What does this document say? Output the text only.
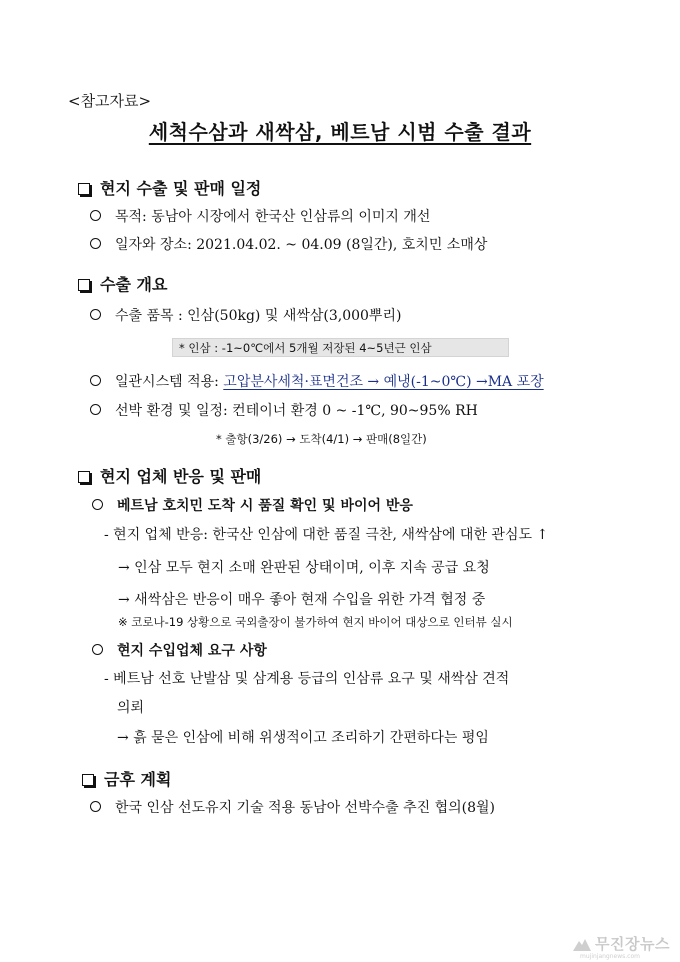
<참고자료>
세척수삼과 새싹삼, 베트남 시범 수출 결과
현지 수출 및 판매 일정
목적: 동남아 시장에서 한국산 인삼류의 이미지 개선
일자와 장소: 2021.04.02. ~ 04.09 (8일간), 호치민 소매상
수출 개요
수출 품목 : 인삼(50kg) 및 새싹삼(3,000뿌리)
* 인삼 : -1~0℃에서 5개월 저장된 4~5년근 인삼
일관시스템 적용: 고압분사세척·표면건조 → 예냉(-1~0℃) →MA 포장
선박 환경 및 일정: 컨테이너 환경 0 ~ -1℃, 90~95% RH
* 출항(3/26) → 도착(4/1) → 판매(8일간)
현지 업체 반응 및 판매
베트남 호치민 도착 시 품질 확인 및 바이어 반응
- 현지 업체 반응: 한국산 인삼에 대한 품질 극찬, 새싹삼에 대한 관심도 ↑
→ 인삼 모두 현지 소매 완판된 상태이며, 이후 지속 공급 요청
→ 새싹삼은 반응이 매우 좋아 현재 수입을 위한 가격 협정 중
※ 코로나-19 상황으로 국외출장이 불가하여 현지 바이어 대상으로 인터뷰 실시
현지 수입업체 요구 사항
- 베트남 선호 난발삼 및 삼계용 등급의 인삼류 요구 및 새싹삼 견적
의뢰
→ 흙 묻은 인삼에 비해 위생적이고 조리하기 간편하다는 평임
금후 계획
한국 인삼 선도유지 기술 적용 동남아 선박수출 추진 협의(8월)
무진장뉴스
mujinjangnews.com
